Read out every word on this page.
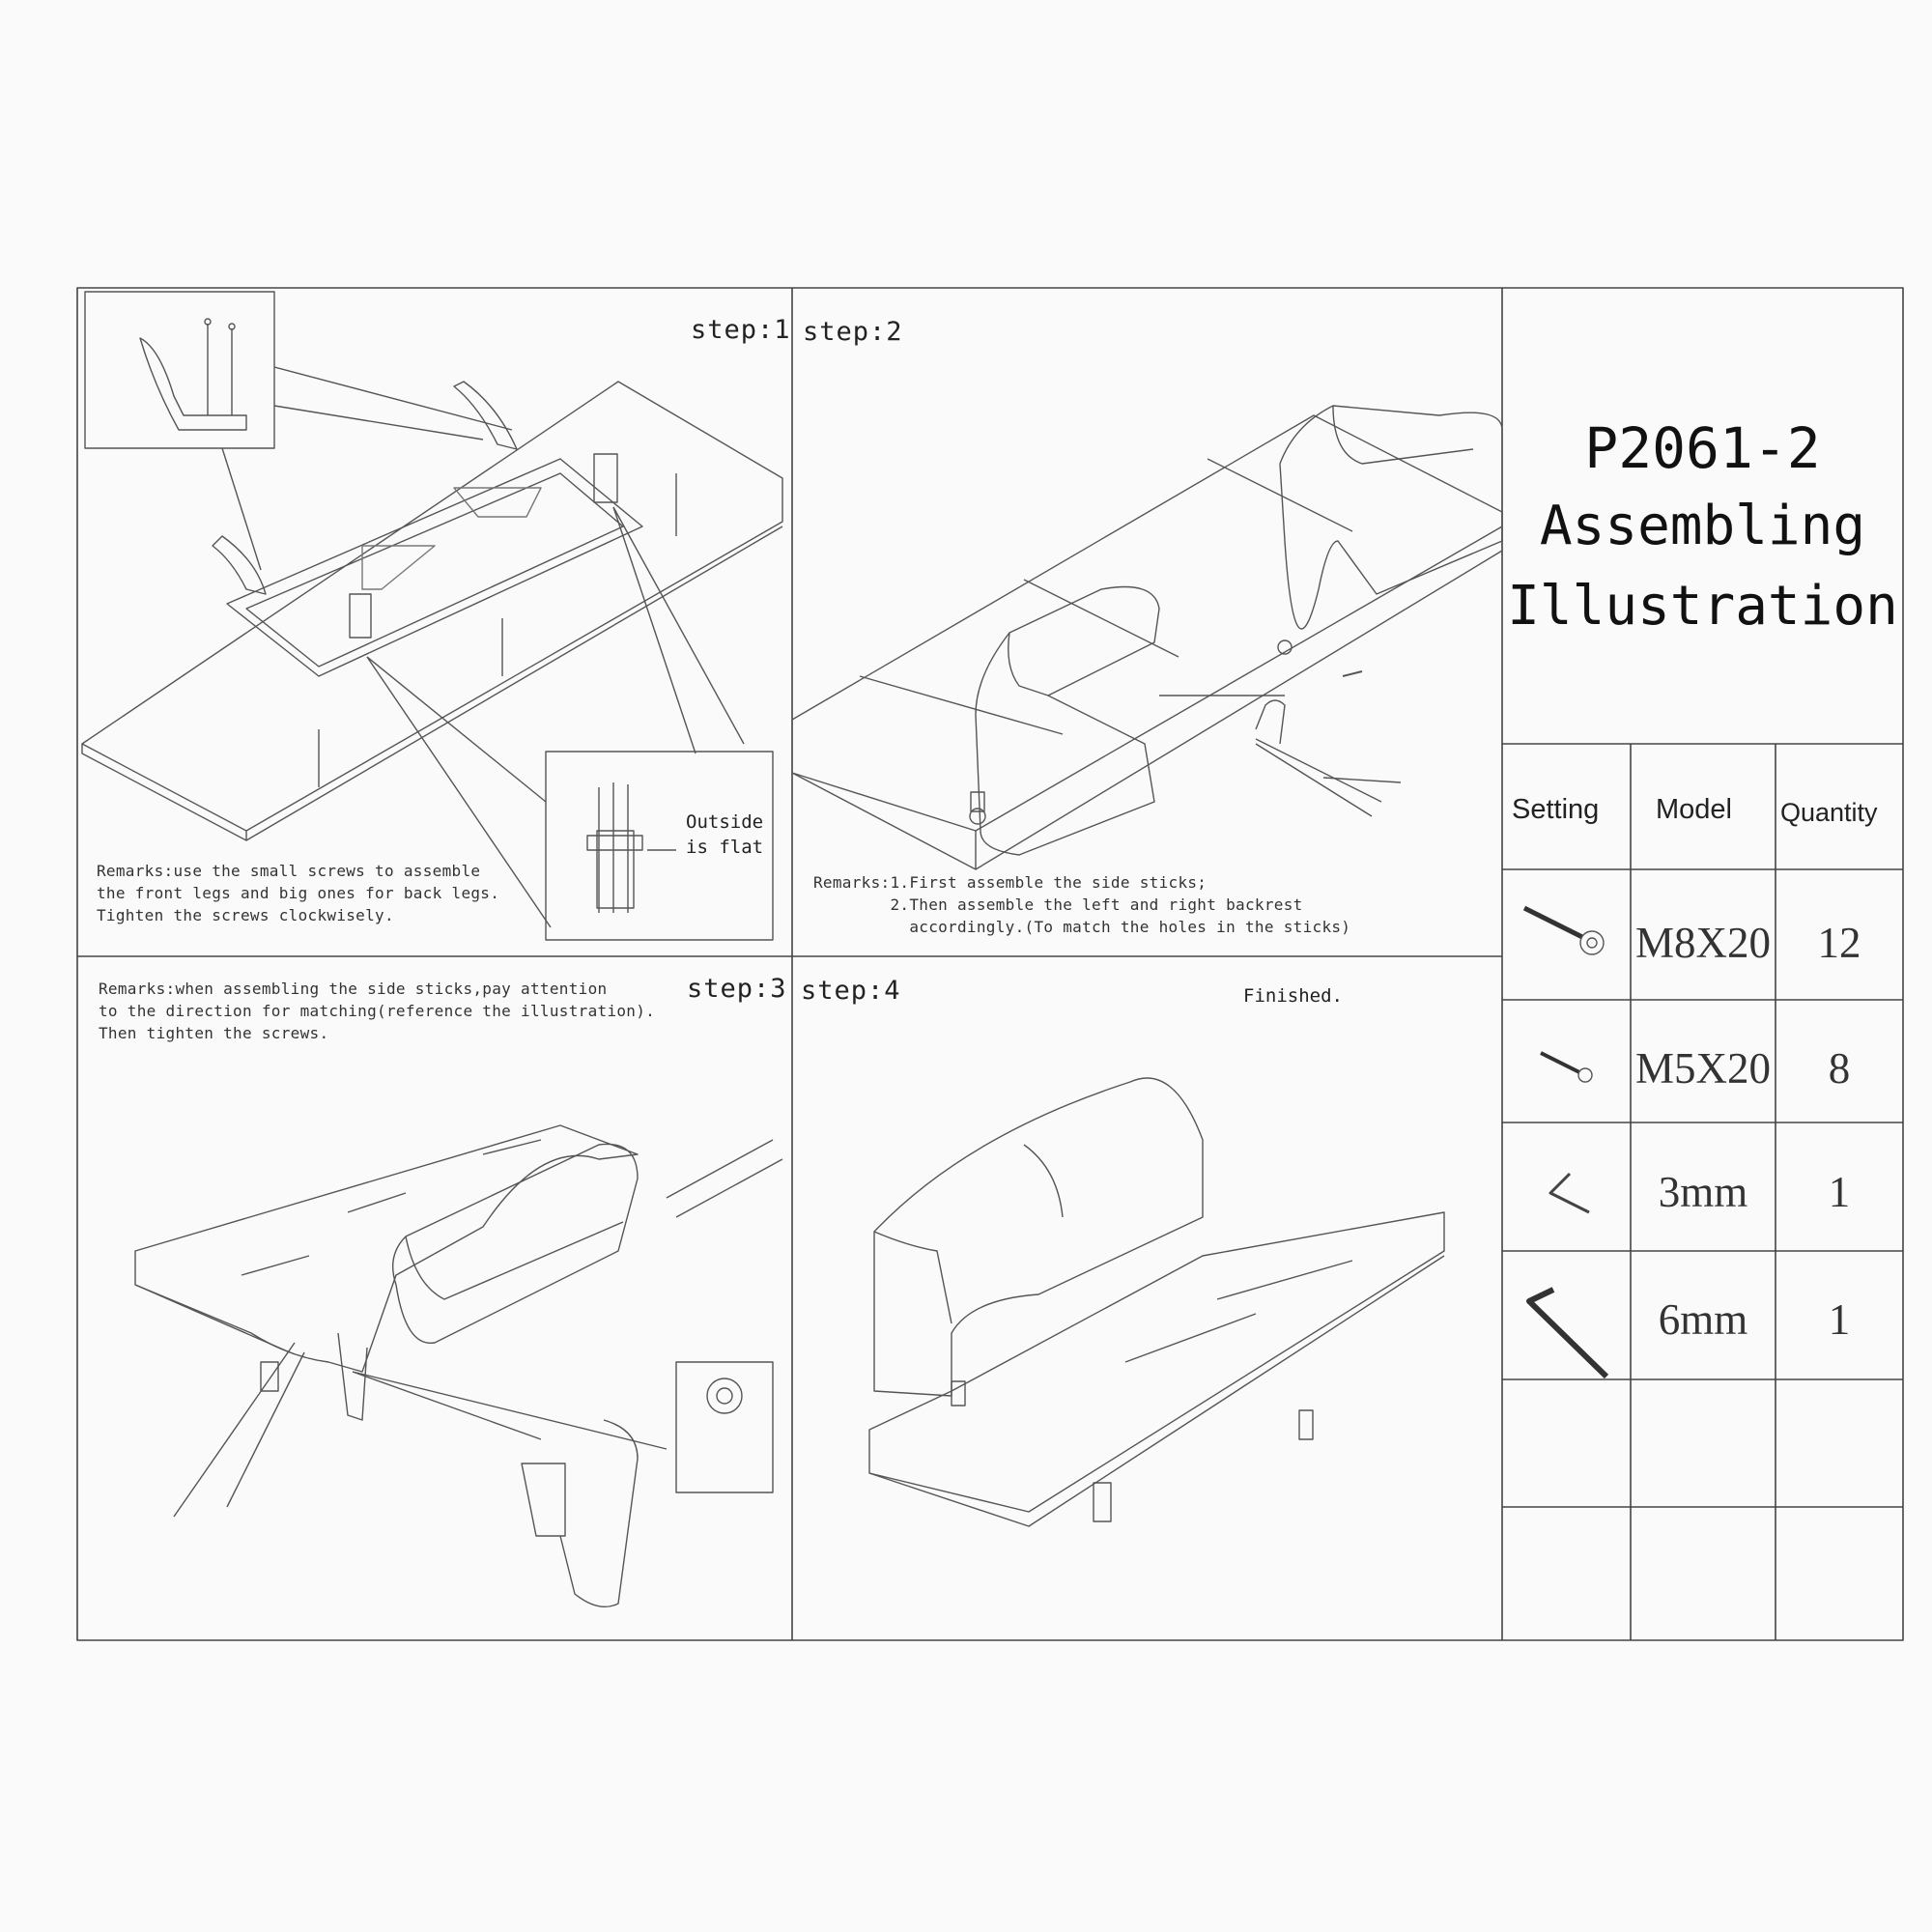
step:1 step:2
step:3 step:4
Remarks:use the small screws to assemble
the front legs and big ones for back legs.
Tighten the screws clockwisely.
Outside
is flat
Remarks:1.First assemble the side sticks;
2.Then assemble the left and right backrest
accordingly.(To match the holes in the sticks)
Remarks:when assembling the side sticks,pay attention
to the direction for matching(reference the illustration).
Then tighten the screws.
Finished.
P2061-2
Assembling
Illustration
Setting Model Quantity
M8X20	12
M5X20	8
3mm	1
6mm	1
